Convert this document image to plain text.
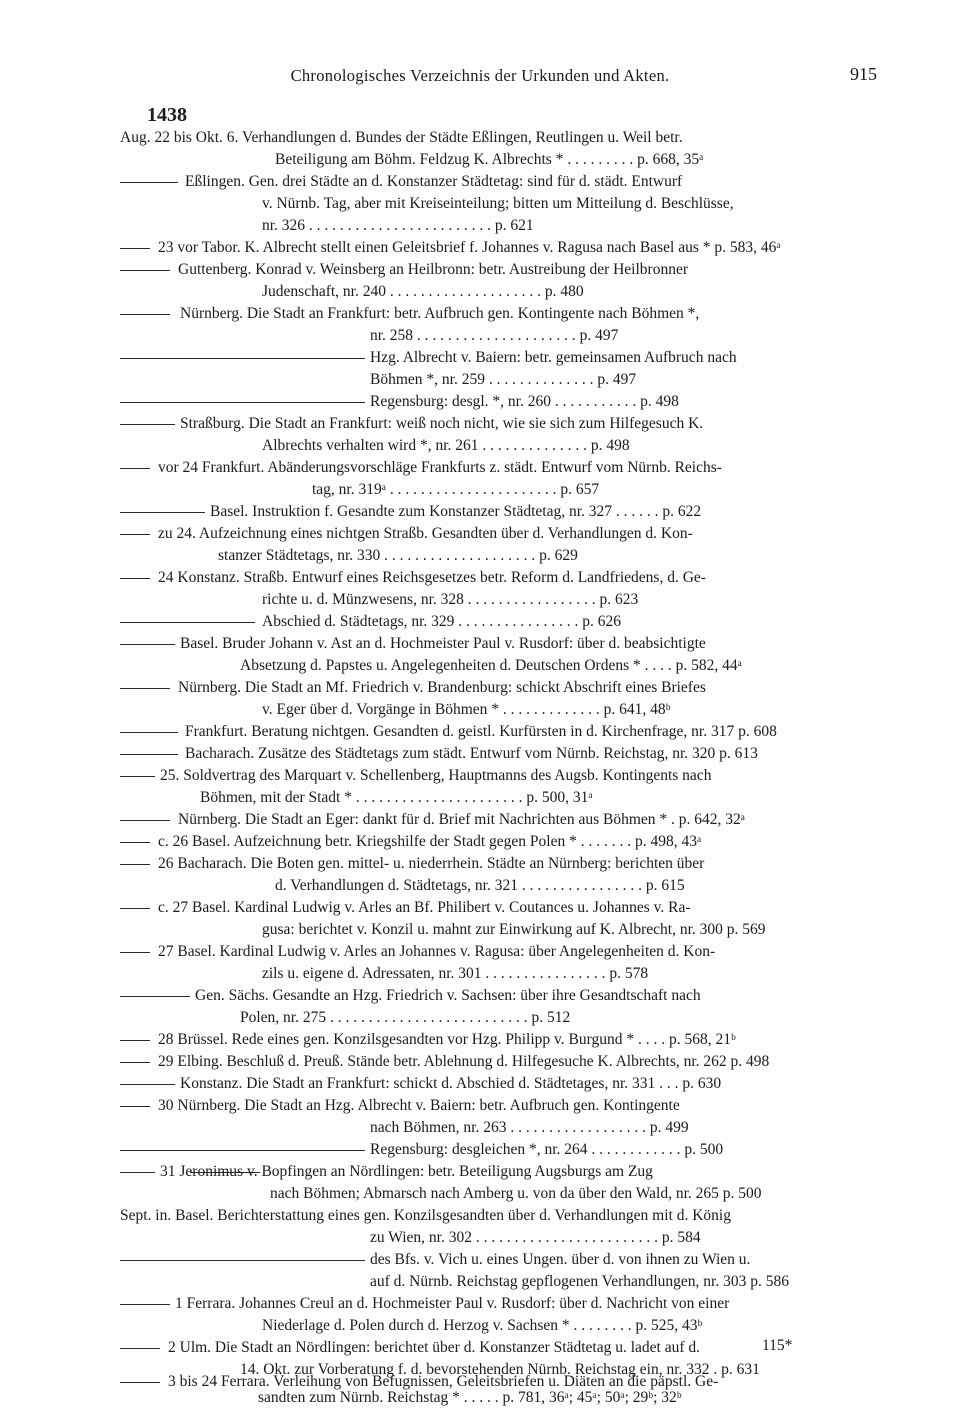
Chronologisches Verzeichnis der Urkunden und Akten.	915
1438
Aug. 22 bis Okt. 6. Verhandlungen d. Bundes der Städte Eßlingen, Reutlingen u. Weil betr.
Beteiligung am Böhm. Feldzug K. Albrechts * . . . . . . . . . p. 668, 35ᵃ
Eßlingen. Gen. drei Städte an d. Konstanzer Städtetag: sind für d. städt. Entwurf
v. Nürnb. Tag, aber mit Kreiseinteilung; bitten um Mitteilung d. Beschlüsse,
nr. 326 . . . . . . . . . . . . . . . . . . . . . . . . p. 621
23 vor Tabor. K. Albrecht stellt einen Geleitsbrief f. Johannes v. Ragusa nach Basel aus * p. 583, 46ᵃ
Guttenberg. Konrad v. Weinsberg an Heilbronn: betr. Austreibung der Heilbronner
Judenschaft, nr. 240 . . . . . . . . . . . . . . . . . . . . p. 480
Nürnberg. Die Stadt an Frankfurt: betr. Aufbruch gen. Kontingente nach Böhmen *,
nr. 258 . . . . . . . . . . . . . . . . . . . . . p. 497
Hzg. Albrecht v. Baiern: betr. gemeinsamen Aufbruch nach
Böhmen *, nr. 259 . . . . . . . . . . . . . . p. 497
Regensburg: desgl. *, nr. 260 . . . . . . . . . . . p. 498
Straßburg. Die Stadt an Frankfurt: weiß noch nicht, wie sie sich zum Hilfegesuch K.
Albrechts verhalten wird *, nr. 261 . . . . . . . . . . . . . . p. 498
vor 24 Frankfurt. Abänderungsvorschläge Frankfurts z. städt. Entwurf vom Nürnb. Reichs-
tag, nr. 319ᵃ . . . . . . . . . . . . . . . . . . . . . . p. 657
Basel. Instruktion f. Gesandte zum Konstanzer Städtetag, nr. 327 . . . . . . p. 622
zu 24. Aufzeichnung eines nichtgen Straßb. Gesandten über d. Verhandlungen d. Kon-
stanzer Städtetags, nr. 330 . . . . . . . . . . . . . . . . . . . . p. 629
24 Konstanz. Straßb. Entwurf eines Reichsgesetzes betr. Reform d. Landfriedens, d. Ge-
richte u. d. Münzwesens, nr. 328 . . . . . . . . . . . . . . . . . p. 623
Abschied d. Städtetags, nr. 329 . . . . . . . . . . . . . . . . p. 626
Basel. Bruder Johann v. Ast an d. Hochmeister Paul v. Rusdorf: über d. beabsichtigte
Absetzung d. Papstes u. Angelegenheiten d. Deutschen Ordens * . . . . p. 582, 44ᵃ
Nürnberg. Die Stadt an Mf. Friedrich v. Brandenburg: schickt Abschrift eines Briefes
v. Eger über d. Vorgänge in Böhmen * . . . . . . . . . . . . . p. 641, 48ᵇ
Frankfurt. Beratung nichtgen. Gesandten d. geistl. Kurfürsten in d. Kirchenfrage, nr. 317 p. 608
Bacharach. Zusätze des Städtetags zum städt. Entwurf vom Nürnb. Reichstag, nr. 320 p. 613
25. Soldvertrag des Marquart v. Schellenberg, Hauptmanns des Augsb. Kontingents nach
Böhmen, mit der Stadt * . . . . . . . . . . . . . . . . . . . . . . p. 500, 31ᵃ
Nürnberg. Die Stadt an Eger: dankt für d. Brief mit Nachrichten aus Böhmen * . p. 642, 32ᵃ
c. 26 Basel. Aufzeichnung betr. Kriegshilfe der Stadt gegen Polen * . . . . . . . p. 498, 43ᵃ
26 Bacharach. Die Boten gen. mittel- u. niederrhein. Städte an Nürnberg: berichten über
d. Verhandlungen d. Städtetags, nr. 321 . . . . . . . . . . . . . . . . p. 615
c. 27 Basel. Kardinal Ludwig v. Arles an Bf. Philibert v. Coutances u. Johannes v. Ra-
gusa: berichtet v. Konzil u. mahnt zur Einwirkung auf K. Albrecht, nr. 300 p. 569
27 Basel. Kardinal Ludwig v. Arles an Johannes v. Ragusa: über Angelegenheiten d. Kon-
zils u. eigene d. Adressaten, nr. 301 . . . . . . . . . . . . . . . . p. 578
Gen. Sächs. Gesandte an Hzg. Friedrich v. Sachsen: über ihre Gesandtschaft nach
Polen, nr. 275 . . . . . . . . . . . . . . . . . . . . . . . . . . p. 512
28 Brüssel. Rede eines gen. Konzilsgesandten vor Hzg. Philipp v. Burgund * . . . . p. 568, 21ᵇ
29 Elbing. Beschluß d. Preuß. Stände betr. Ablehnung d. Hilfegesuche K. Albrechts, nr. 262 p. 498
Konstanz. Die Stadt an Frankfurt: schickt d. Abschied d. Städtetages, nr. 331 . . . p. 630
30 Nürnberg. Die Stadt an Hzg. Albrecht v. Baiern: betr. Aufbruch gen. Kontingente
nach Böhmen, nr. 263 . . . . . . . . . . . . . . . . . . p. 499
Regensburg: desgleichen *, nr. 264 . . . . . . . . . . . . p. 500
31 Jeronimus v. Bopfingen an Nördlingen: betr. Beteiligung Augsburgs am Zug
nach Böhmen; Abmarsch nach Amberg u. von da über den Wald, nr. 265 p. 500
Sept. in. Basel. Berichterstattung eines gen. Konzilsgesandten über d. Verhandlungen mit d. König
zu Wien, nr. 302 . . . . . . . . . . . . . . . . . . . . . . . . p. 584
des Bfs. v. Vich u. eines Ungen. über d. von ihnen zu Wien u.
auf d. Nürnb. Reichstag gepflogenen Verhandlungen, nr. 303 p. 586
1 Ferrara. Johannes Creul an d. Hochmeister Paul v. Rusdorf: über d. Nachricht von einer
Niederlage d. Polen durch d. Herzog v. Sachsen * . . . . . . . . p. 525, 43ᵇ
2 Ulm. Die Stadt an Nördlingen: berichtet über d. Konstanzer Städtetag u. ladet auf d.
14. Okt. zur Vorberatung f. d. bevorstehenden Nürnb. Reichstag ein, nr. 332 . p. 631
3 bis 24 Ferrara. Verleihung von Befugnissen, Geleitsbriefen u. Diäten an die päpstl. Ge-
sandten zum Nürnb. Reichstag * . . . . . p. 781, 36ᵃ; 45ᵃ; 50ᵃ; 29ᵇ; 32ᵇ
115*
